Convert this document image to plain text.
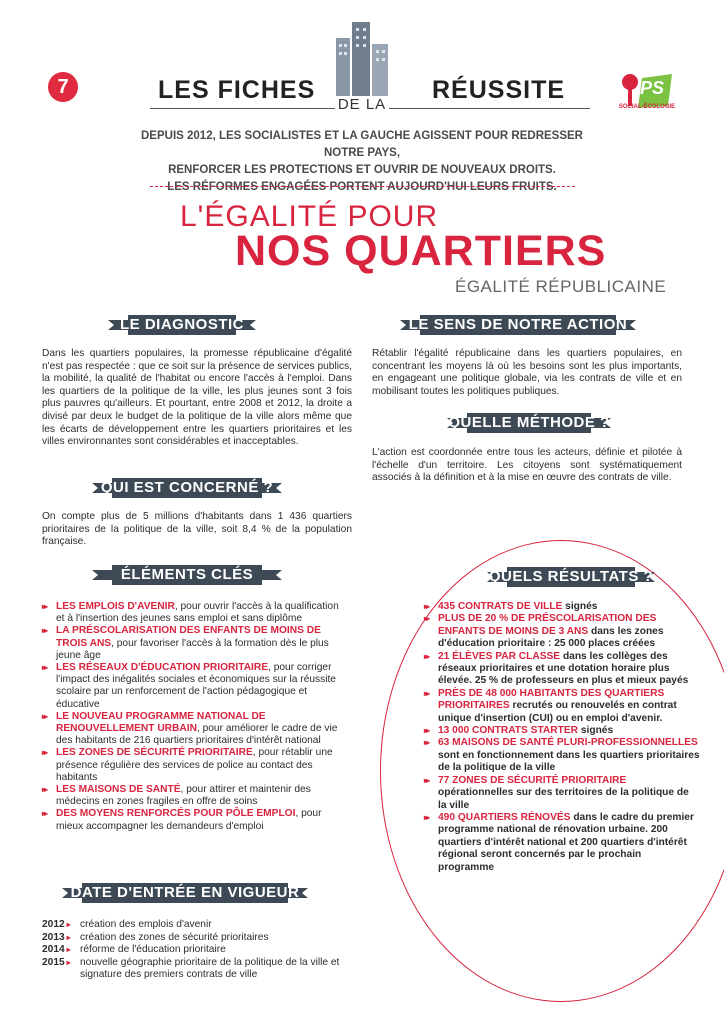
7	LES FICHES
DE LA
RÉUSSITE	PS
SOCIAL-ÉCOLOGIE
DEPUIS 2012, LES SOCIALISTES ET LA GAUCHE AGISSENT POUR REDRESSER NOTRE PAYS,
RENFORCER LES PROTECTIONS ET OUVRIR DE NOUVEAUX DROITS.
LES RÉFORMES ENGAGÉES PORTENT AUJOURD'HUI LEURS FRUITS.
L'ÉGALITÉ POUR
NOS QUARTIERS
ÉGALITÉ RÉPUBLICAINE
LE DIAGNOSTIC
Dans les quartiers populaires, la promesse républicaine d'égalité n'est pas respectée : que ce soit sur la présence de services publics, la mobilité, la qualité de l'habitat ou encore l'accès à l'emploi. Dans les quartiers de la politique de la ville, les plus jeunes sont 3 fois plus pauvres qu'ailleurs. Et pourtant, entre 2008 et 2012, la droite a divisé par deux le budget de la politique de la ville alors même que les écarts de développement entre les quartiers prioritaires et les villes environnantes sont considérables et inacceptables.
LE SENS DE NOTRE ACTION
Rétablir l'égalité républicaine dans les quartiers populaires, en concentrant les moyens là où les besoins sont les plus importants, en engageant une politique globale, via les contrats de ville et en mobilisant toutes les politiques publiques.
QUELLE MÉTHODE ?
L'action est coordonnée entre tous les acteurs, définie et pilotée à l'échelle d'un territoire. Les citoyens sont systématiquement associés à la définition et à la mise en œuvre des contrats de ville.
QUI EST CONCERNÉ ?
On compte plus de 5 millions d'habitants dans 1 436 quartiers prioritaires de la politique de la ville, soit 8,4 % de la population française.
ÉLÉMENTS CLÉS
▸▸ LES EMPLOIS D'AVENIR, pour ouvrir l'accès à la qualification et à l'insertion des jeunes sans emploi et sans diplôme
▸▸ LA PRÉSCOLARISATION DES ENFANTS DE MOINS DE TROIS ANS, pour favoriser l'accès à la formation dès le plus jeune âge
▸▸ LES RÉSEAUX D'ÉDUCATION PRIORITAIRE, pour corriger l'impact des inégalités sociales et économiques sur la réussite scolaire par un renforcement de l'action pédagogique et éducative
▸▸ LE NOUVEAU PROGRAMME NATIONAL DE RENOUVELLEMENT URBAIN, pour améliorer le cadre de vie des habitants de 216 quartiers prioritaires d'intérêt national
▸▸ LES ZONES DE SÉCURITÉ PRIORITAIRE, pour rétablir une présence régulière des services de police au contact des habitants
▸▸ LES MAISONS DE SANTÉ, pour attirer et maintenir des médecins en zones fragiles en offre de soins
▸▸ DES MOYENS RENFORCÉS POUR PÔLE EMPLOI, pour mieux accompagner les demandeurs d'emploi
DATE D'ENTRÉE EN VIGUEUR
2012 ▸ création des emplois d'avenir
2013 ▸ création des zones de sécurité prioritaires
2014 ▸ réforme de l'éducation prioritaire
2015 ▸ nouvelle géographie prioritaire de la politique de la ville et signature des premiers contrats de ville
QUELS RÉSULTATS ?
▸▸ 435 CONTRATS DE VILLE signés
▸▸ PLUS DE 20 % DE PRÉSCOLARISATION DES ENFANTS DE MOINS DE 3 ANS dans les zones d'éducation prioritaire : 25 000 places créées
▸▸ 21 ÉLÈVES PAR CLASSE dans les collèges des réseaux prioritaires et une dotation horaire plus élevée. 25 % de professeurs en plus et mieux payés
▸▸ PRÈS DE 48 000 HABITANTS DES QUARTIERS PRIORITAIRES recrutés ou renouvelés en contrat unique d'insertion (CUI) ou en emploi d'avenir.
▸▸ 13 000 CONTRATS STARTER signés
▸▸ 63 MAISONS DE SANTÉ PLURI-PROFESSIONNELLES sont en fonctionnement dans les quartiers prioritaires de la politique de la ville
▸▸ 77 ZONES DE SÉCURITÉ PRIORITAIRE opérationnelles sur des territoires de la politique de la ville
▸▸ 490 QUARTIERS RÉNOVÉS dans le cadre du premier programme national de rénovation urbaine. 200 quartiers d'intérêt national et 200 quartiers d'intérêt régional seront concernés par le prochain programme
